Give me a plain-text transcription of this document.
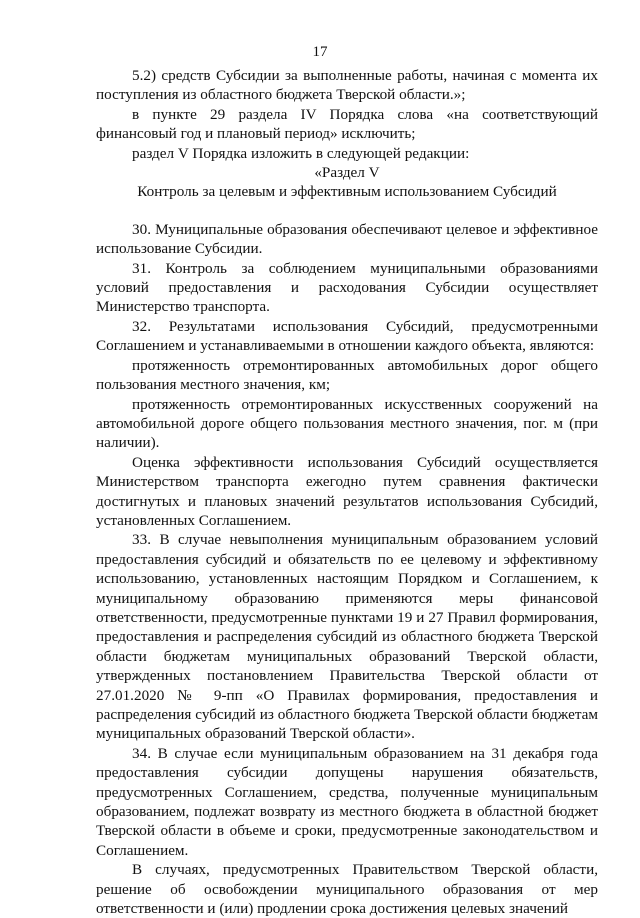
17

5.2) средств Субсидии за выполненные работы, начиная с момента их поступления из областного бюджета Тверской области.»;

в пункте 29 раздела IV Порядка слова «на соответствующий финансовый год и плановый период» исключить;

раздел V Порядка изложить в следующей редакции:

«Раздел V

Контроль за целевым и эффективным использованием Субсидий

30. Муниципальные образования обеспечивают целевое и эффективное использование Субсидии.

31. Контроль за соблюдением муниципальными образованиями условий предоставления и расходования Субсидии осуществляет Министерство транспорта.

32. Результатами использования Субсидий, предусмотренными Соглашением и устанавливаемыми в отношении каждого объекта, являются:

протяженность отремонтированных автомобильных дорог общего пользования местного значения, км;

протяженность отремонтированных искусственных сооружений на автомобильной дороге общего пользования местного значения, пог. м (при наличии).

Оценка эффективности использования Субсидий осуществляется Министерством транспорта ежегодно путем сравнения фактически достигнутых и плановых значений результатов использования Субсидий, установленных Соглашением.

33. В случае невыполнения муниципальным образованием условий предоставления субсидий и обязательств по ее целевому и эффективному использованию, установленных настоящим Порядком и Соглашением, к муниципальному образованию применяются меры финансовой ответственности, предусмотренные пунктами 19 и 27 Правил формирования, предоставления и распределения субсидий из областного бюджета Тверской области бюджетам муниципальных образований Тверской области, утвержденных постановлением Правительства Тверской области от 27.01.2020 № 9-пп «О Правилах формирования, предоставления и распределения субсидий из областного бюджета Тверской области бюджетам муниципальных образований Тверской области».

34. В случае если муниципальным образованием на 31 декабря года предоставления субсидии допущены нарушения обязательств, предусмотренных Соглашением, средства, полученные муниципальным образованием, подлежат возврату из местного бюджета в областной бюджет Тверской области в объеме и сроки, предусмотренные законодательством и Соглашением.

В случаях, предусмотренных Правительством Тверской области, решение об освобождении муниципального образования от мер ответственности и (или) продлении срока достижения целевых значений
